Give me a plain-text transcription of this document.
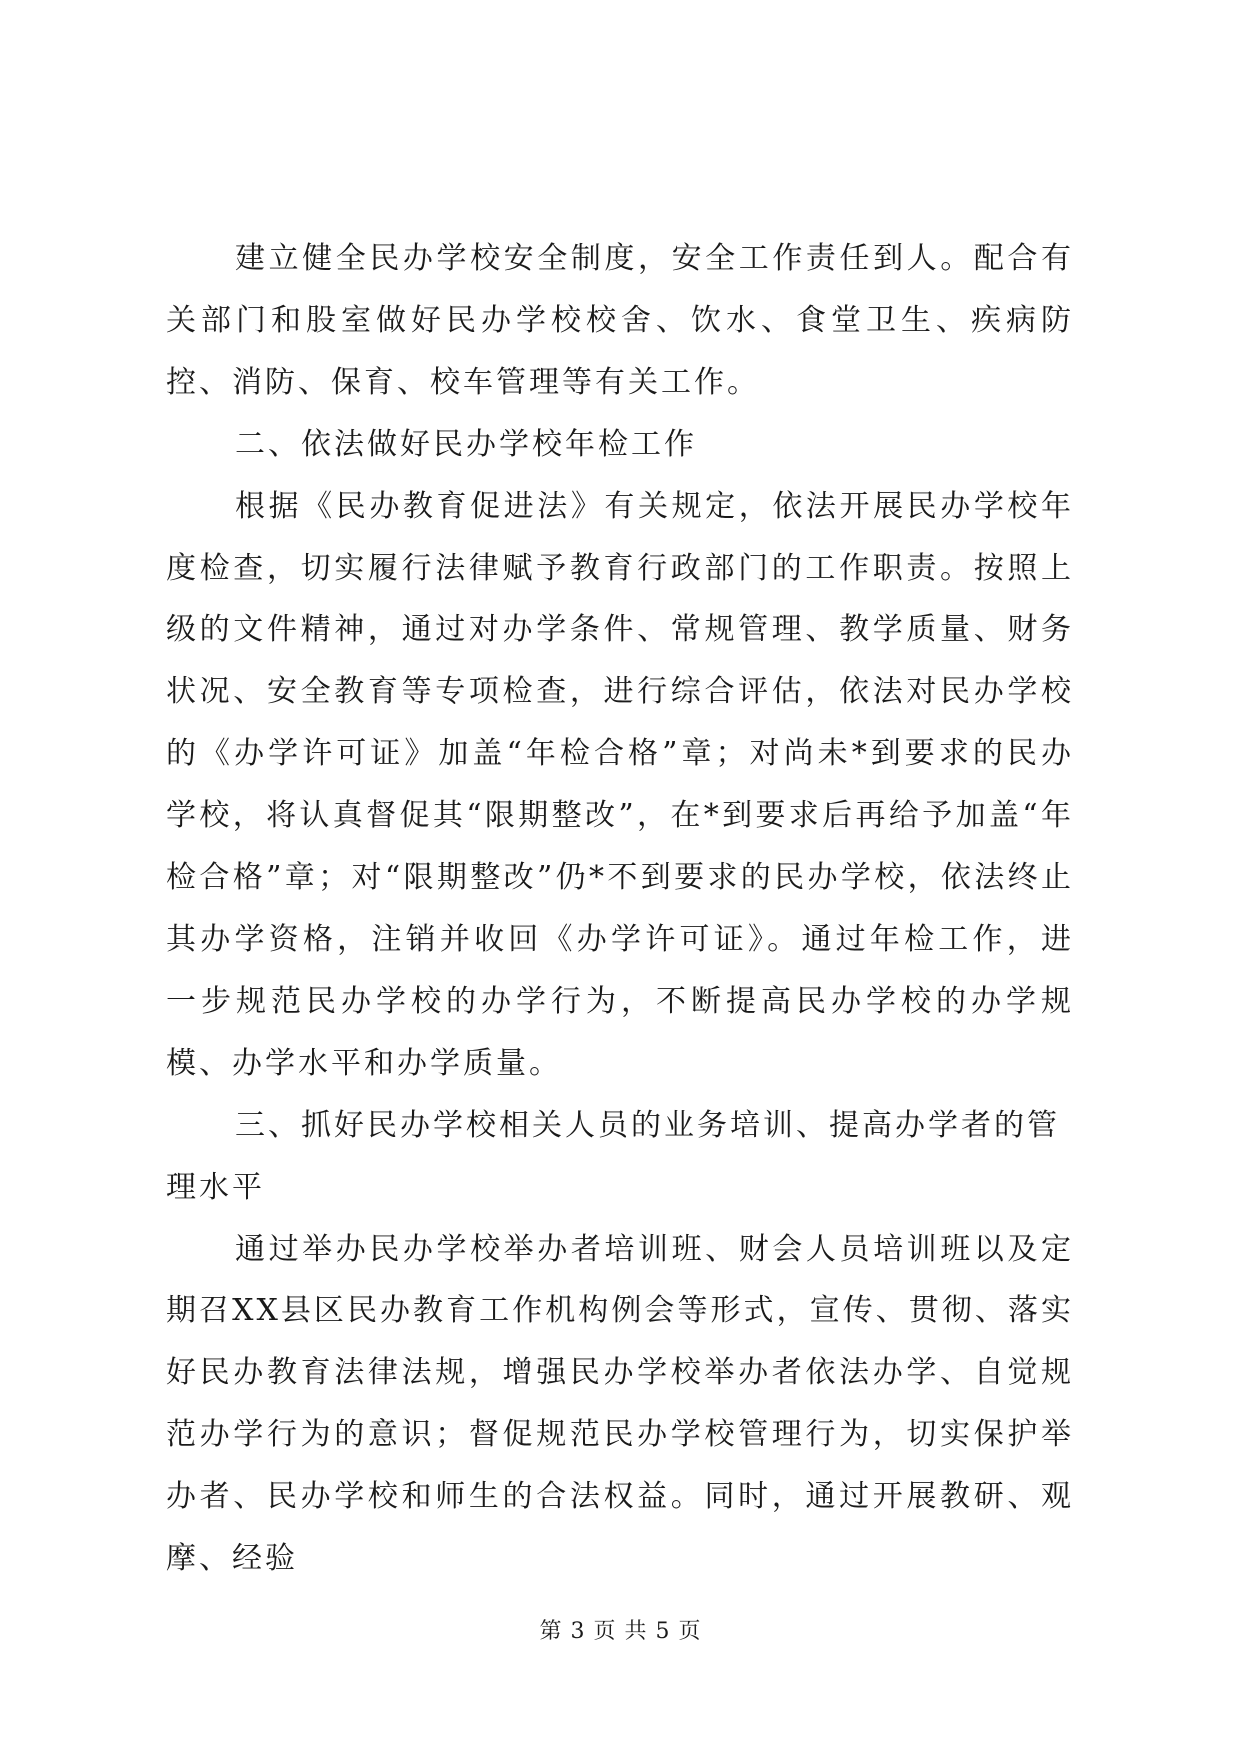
建立健全民办学校安全制度，安全工作责任到人。配合有关部门和股室做好民办学校校舍、饮水、食堂卫生、疾病防控、消防、保育、校车管理等有关工作。

二、依法做好民办学校年检工作

根据《民办教育促进法》有关规定，依法开展民办学校年度检查，切实履行法律赋予教育行政部门的工作职责。按照上级的文件精神，通过对办学条件、常规管理、教学质量、财务状况、安全教育等专项检查，进行综合评估，依法对民办学校的《办学许可证》加盖“年检合格”章；对尚未*到要求的民办学校，将认真督促其“限期整改”，在*到要求后再给予加盖“年检合格”章；对“限期整改”仍*不到要求的民办学校，依法终止其办学资格，注销并收回《办学许可证》。通过年检工作，进一步规范民办学校的办学行为，不断提高民办学校的办学规模、办学水平和办学质量。

三、抓好民办学校相关人员的业务培训、提高办学者的管理水平

通过举办民办学校举办者培训班、财会人员培训班以及定期召XX县区民办教育工作机构例会等形式，宣传、贯彻、落实好民办教育法律法规，增强民办学校举办者依法办学、自觉规范办学行为的意识；督促规范民办学校管理行为，切实保护举办者、民办学校和师生的合法权益。同时，通过开展教研、观摩、经验

第 3 页 共 5 页
